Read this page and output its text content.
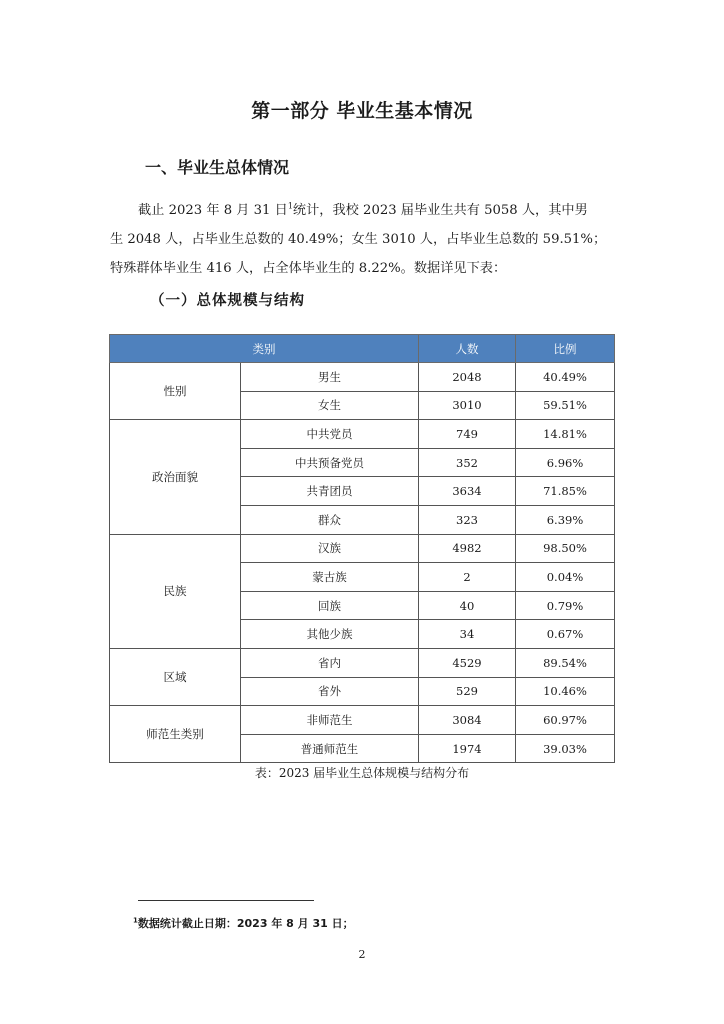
第一部分 毕业生基本情况
一、毕业生总体情况

截止 2023 年 8 月 31 日$^1$统计，我校 2023 届毕业生共有 5058 人，其中男

生 2048 人，占毕业生总数的 40.49%；女生 3010 人，占毕业生总数的 59.51%；

特殊群体毕业生 416 人，占全体毕业生的 8.22%。数据详见下表：

（一）总体规模与结构
类别		人数	比例
性别	男生	2048	40.49%
	女生	3010	59.51%
政治面貌	中共党员	749	14.81%
	中共预备党员	352	6.96%
	共青团员	3634	71.85%
	群众	323	6.39%
民族	汉族	4982	98.50%
	蒙古族	2	0.04%
	回族	40	0.79%
	其他少族	34	0.67%
区域	省内	4529	89.54%
	省外	529	10.46%
师范生类别	非师范生	3084	60.97%
	普通师范生	1974	39.03%
表：2023 届毕业生总体规模与结构分布
$^1$数据统计截止日期：2023 年 8 月 31 日；
2
